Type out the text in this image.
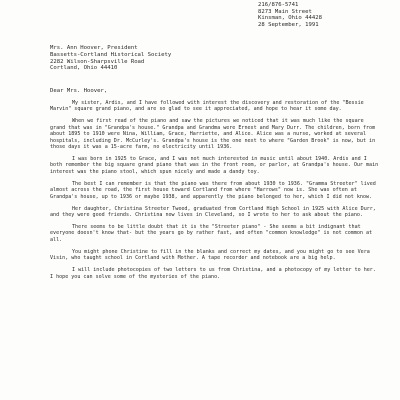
216/876-5741
8273 Main Street
Kinsman, Ohio 44428
28 September, 1991
Mrs. Ann Hoover, President
Bassetts-Cortland Historical Society
2282 Wilson-Sharpsville Road
Cortland, Ohio 44410
Dear Mrs. Hoover,

My sister, Ardis, and I have followed with interest the discovery and restoration of the "Bessie Marvin" square grand piano, and are so glad to see it appreciated, and hope to hear it some day.

When we first read of the piano and saw the pictures we noticed that it was much like the square grand that was in "Grandpa's house." Grandpa and Grandma were Ernest and Mary Durr. The children, born from about 1895 to 1910 were Nina, William, Grace, Harriette, and Alice. Alice was a nurse, worked at several hospitals, including Dr. McCurley's. Grandpa's house is the one next to where "Garden Brook" is now, but in those days it was a 15-acre farm, no electricity until 1936.

I was born in 1925 to Grace, and I was not much interested in music until about 1940. Ardis and I both remember the big square grand piano that was in the front room, or parlor, at Grandpa's house. Our main interest was the piano stool, which spun nicely and made a dandy toy.

The best I can remember is that the piano was there from about 1930 to 1936. "Gramma Streeter" lived almost across the road, the first house toward Cortland from where "Harrows" now is. She was often at Grandpa's house, up to 1936 or maybe 1938, and apparently the piano belonged to her, which I did not know.

Her daughter, Christina Streeter Tweed, graduated from Cortland High School in 1925 with Alice Durr, and they were good friends. Christina now lives in Cleveland, so I wrote to her to ask about the piano.

There seems to be little doubt that it is the "Streeter piano" - She seems a bit indignant that everyone doesn't know that- but the years go by rather fast, and often "common knowledge" is not common at all.

You might phone Christine to fill in the blanks and correct my dates, and you might go to see Vera Visin, who taught school in Cortland with Mother. A tape recorder and notebook are a big help.

I will include photocopies of two letters to us from Christina, and a photocopy of my letter to her. I hope you can solve some of the mysteries of the piano.
